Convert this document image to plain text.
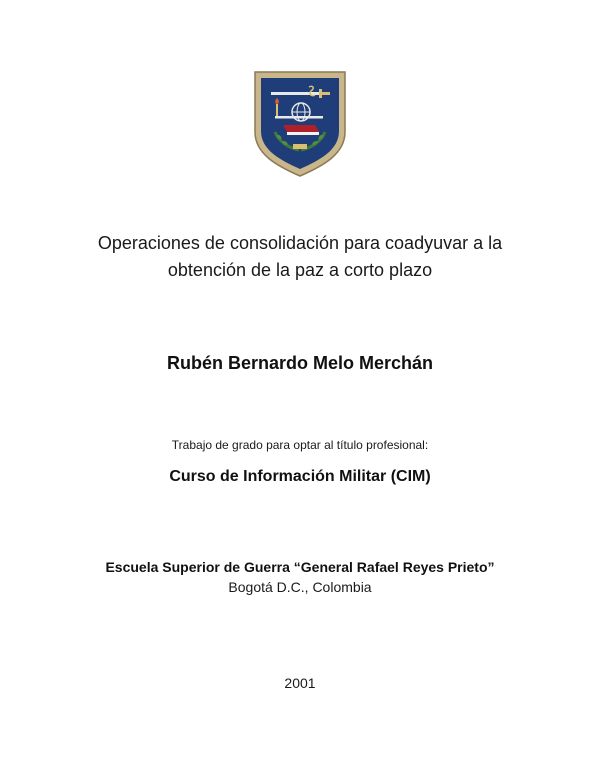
Operaciones de consolidación para coadyuvar a la
obtención de la paz a corto plazo
Rubén Bernardo Melo Merchán
Trabajo de grado para optar al título profesional:
Curso de Información Militar (CIM)
Escuela Superior de Guerra “General Rafael Reyes Prieto”
Bogotá D.C., Colombia
2001
